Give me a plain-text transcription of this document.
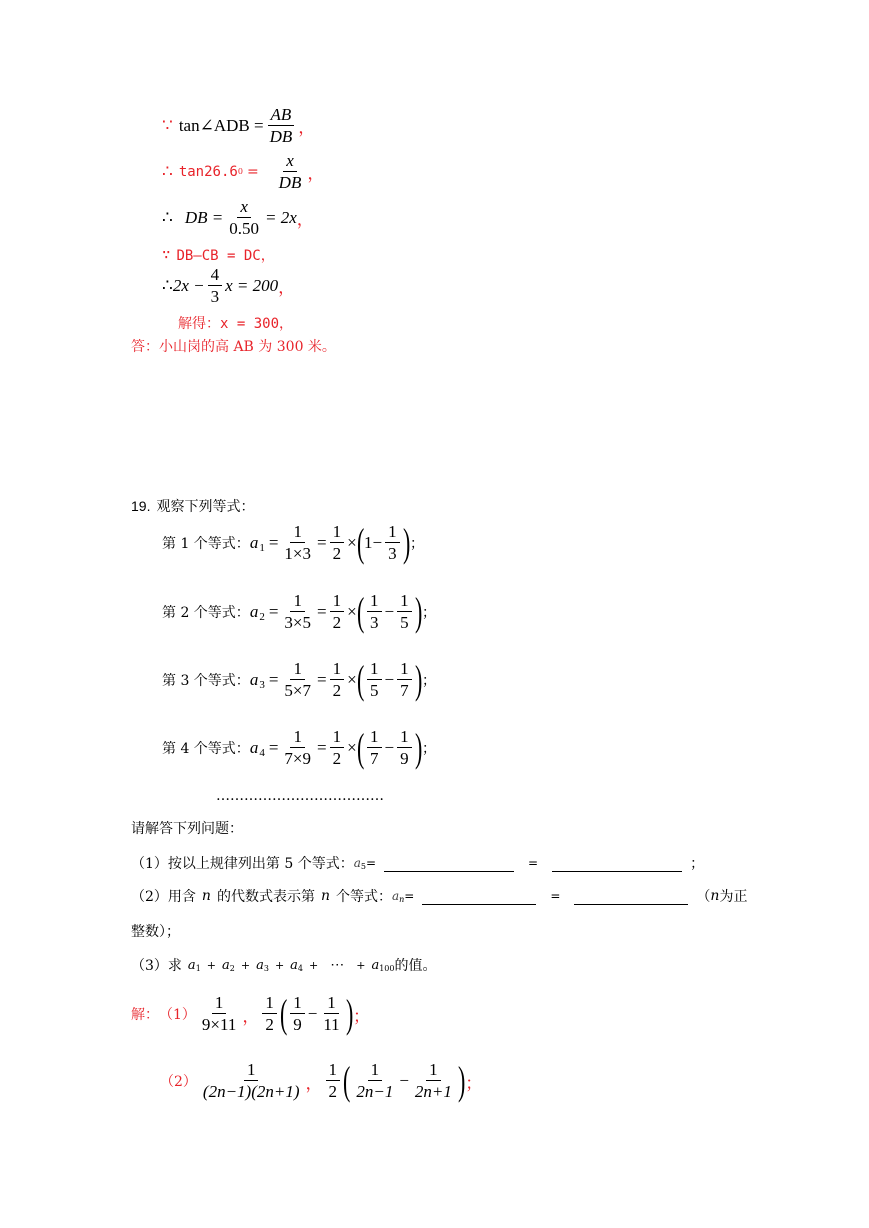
∵ tan∠ADB = $\frac{AB}{DB}$ ，
∴ tan26.6 $0 = \frac{x}{DB}$ ，
∴ DB = $\frac{x}{0.50} = 2x$ ，
∵ DB—CB = DC，
∴ $2x - \frac{4}{3}$ x = 200 ，
解得： x = 300，
答：小山岗的高 AB 为 300 米。
19. 观察下列等式：
第 1 个等式： a $1 = \frac{1}{1\times 3} = \frac{1}{2}$ × ( $1 - \frac{1}{3}$ ) ；
第 2 个等式： a $2 = \frac{1}{3\times 5} = \frac{1}{2}$ × ( $\frac{1}{3} - \frac{1}{5}$ ) ；
第 3 个等式： a $3 = \frac{1}{5\times 7} = \frac{1}{2}$ × ( $\frac{1}{5} - \frac{1}{7}$ ) ；
第 4 个等式： a $4 = \frac{1}{7\times 9} = \frac{1}{2}$ × ( $\frac{1}{7} - \frac{1}{9}$ ) ；
………………………………
请解答下列问题：
（1）按以上规律列出第 5 个等式： a 5 =	=	；
（2）用含 n 的代数式表示第 n 个等式： a n =	=	（ n 为正
整数）；
（3）求 a 1 + a 2 + a 3 + a 4 + ⋯ + a 100 的值。
解： $(1) \frac{1}{9\times 11}$ ， $\frac{1}{2}$ ( $\frac{1}{9} - \frac{1}{11}$ ) ；
$(2) \frac{1}{(2n-1)(2n+1)}$ ， $\frac{1}{2}$ ( $\frac{1}{2n-1} - \frac{1}{2n+1}$ ) ；
